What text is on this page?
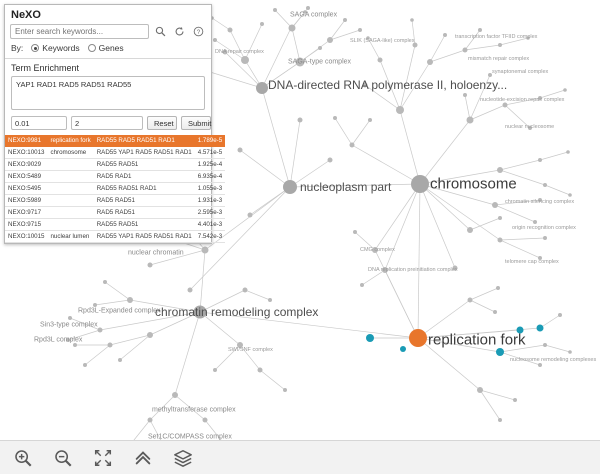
SAGA complex
SAGA-type complex
SLIK (SAGA-like) complex
transcription factor TFIID complex
DNA repair complex
mismatch repair complex
synaptonemal complex
DNA-directed RNA polymerase II, holoenzy...
nucleotide-excision repair complex
nuclear nucleosome
nucleoplasm part	chromosome
chromatin silencing complex
origin recognition complex
CMG complex
nuclear chromatin
telomere cap complex
DNA replication preinitiation complex
Rpd3L-Expanded complex
chromatin remodeling complex
Sin3-type complex
replication fork
Rpd3L complex
SWI/SNF complex
nucleosome remodeling complexes
methyltransferase complex
Set1C/COMPASS complex
NeXO
Enter search keywords...
?
By: Keywords Genes
Term Enrichment
YAP1 RAD1 RAD5 RAD51 RAD55
0.01
2
Reset	Submit
NEXO:9981	replication fork	RAD55 RAD5 RAD51 RAD1	1.789e-5
NEXO:10013	chromosome	RAD55 YAP1 RAD5 RAD51 RAD1	4.571e-5
NEXO:9029		RAD55 RAD51	1.925e-4
NEXO:5489		RAD5 RAD1	6.935e-4
NEXO:5495		RAD55 RAD51 RAD1	1.055e-3
NEXO:5989		RAD5 RAD51	1.931e-3
NEXO:9717		RAD5 RAD51	2.595e-3
NEXO:9715		RAD55 RAD51	4.401e-3
NEXO:10015	nuclear lumen	RAD55 YAP1 RAD5 RAD51 RAD1	7.542e-3
